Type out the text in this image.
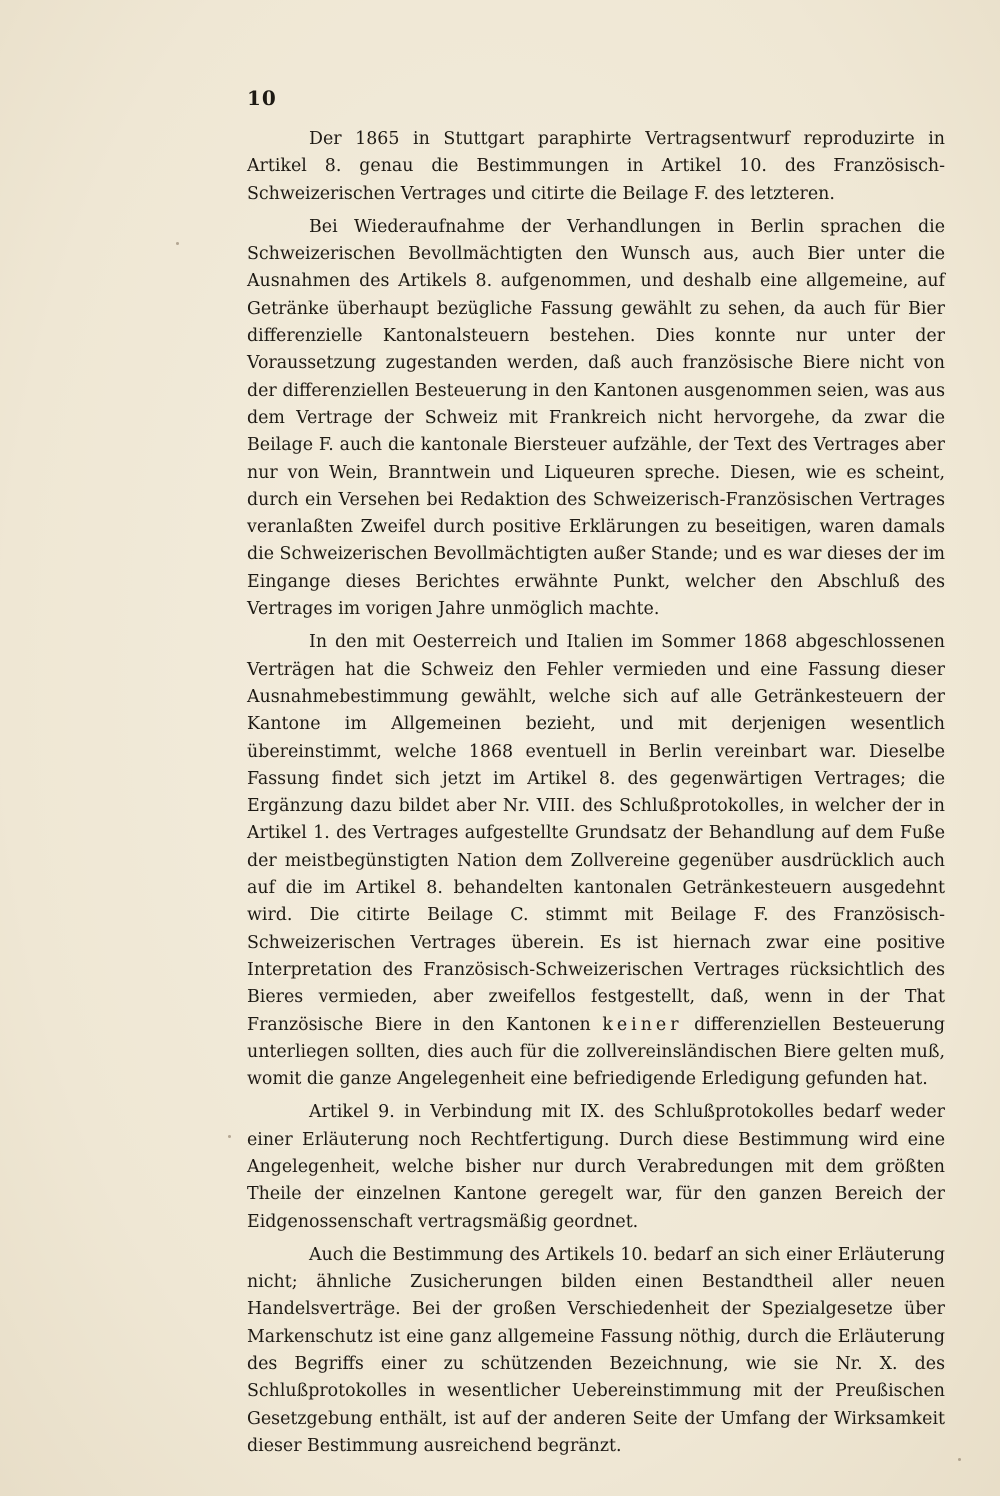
10

Der 1865 in Stuttgart paraphirte Vertragsentwurf reproduzirte in Artikel 8. genau die Bestimmungen in Artikel 10. des Französisch-Schweizerischen Vertrages und citirte die Beilage F. des letzteren.

Bei Wiederaufnahme der Verhandlungen in Berlin sprachen die Schweizerischen Bevollmächtigten den Wunsch aus, auch Bier unter die Ausnahmen des Artikels 8. aufgenommen, und deshalb eine allgemeine, auf Getränke überhaupt bezügliche Fassung gewählt zu sehen, da auch für Bier differenzielle Kantonalsteuern bestehen. Dies konnte nur unter der Voraussetzung zugestanden werden, daß auch französische Biere nicht von der differenziellen Besteuerung in den Kantonen ausgenommen seien, was aus dem Vertrage der Schweiz mit Frankreich nicht hervorgehe, da zwar die Beilage F. auch die kantonale Biersteuer aufzähle, der Text des Vertrages aber nur von Wein, Branntwein und Liqueuren spreche. Diesen, wie es scheint, durch ein Versehen bei Redaktion des Schweizerisch-Französischen Vertrages veranlaßten Zweifel durch positive Erklärungen zu beseitigen, waren damals die Schweizerischen Bevollmächtigten außer Stande; und es war dieses der im Eingange dieses Berichtes erwähnte Punkt, welcher den Abschluß des Vertrages im vorigen Jahre unmöglich machte.

In den mit Oesterreich und Italien im Sommer 1868 abgeschlossenen Verträgen hat die Schweiz den Fehler vermieden und eine Fassung dieser Ausnahmebestimmung gewählt, welche sich auf alle Getränkesteuern der Kantone im Allgemeinen bezieht, und mit derjenigen wesentlich übereinstimmt, welche 1868 eventuell in Berlin vereinbart war. Dieselbe Fassung findet sich jetzt im Artikel 8. des gegenwärtigen Vertrages; die Ergänzung dazu bildet aber Nr. VIII. des Schlußprotokolles, in welcher der in Artikel 1. des Vertrages aufgestellte Grundsatz der Behandlung auf dem Fuße der meistbegünstigten Nation dem Zollvereine gegenüber ausdrücklich auch auf die im Artikel 8. behandelten kantonalen Getränkesteuern ausgedehnt wird. Die citirte Beilage C. stimmt mit Beilage F. des Französisch-Schweizerischen Vertrages überein. Es ist hiernach zwar eine positive Interpretation des Französisch-Schweizerischen Vertrages rücksichtlich des Bieres vermieden, aber zweifellos festgestellt, daß, wenn in der That Französische Biere in den Kantonen keiner differenziellen Besteuerung unterliegen sollten, dies auch für die zollvereinsländischen Biere gelten muß, womit die ganze Angelegenheit eine befriedigende Erledigung gefunden hat.

Artikel 9. in Verbindung mit IX. des Schlußprotokolles bedarf weder einer Erläuterung noch Rechtfertigung. Durch diese Bestimmung wird eine Angelegenheit, welche bisher nur durch Verabredungen mit dem größten Theile der einzelnen Kantone geregelt war, für den ganzen Bereich der Eidgenossenschaft vertragsmäßig geordnet.

Auch die Bestimmung des Artikels 10. bedarf an sich einer Erläuterung nicht; ähnliche Zusicherungen bilden einen Bestandtheil aller neuen Handelsverträge. Bei der großen Verschiedenheit der Spezialgesetze über Markenschutz ist eine ganz allgemeine Fassung nöthig, durch die Erläuterung des Begriffs einer zu schützenden Bezeichnung, wie sie Nr. X. des Schlußprotokolles in wesentlicher Uebereinstimmung mit der Preußischen Gesetzgebung enthält, ist auf der anderen Seite der Umfang der Wirksamkeit dieser Bestimmung ausreichend begränzt.
